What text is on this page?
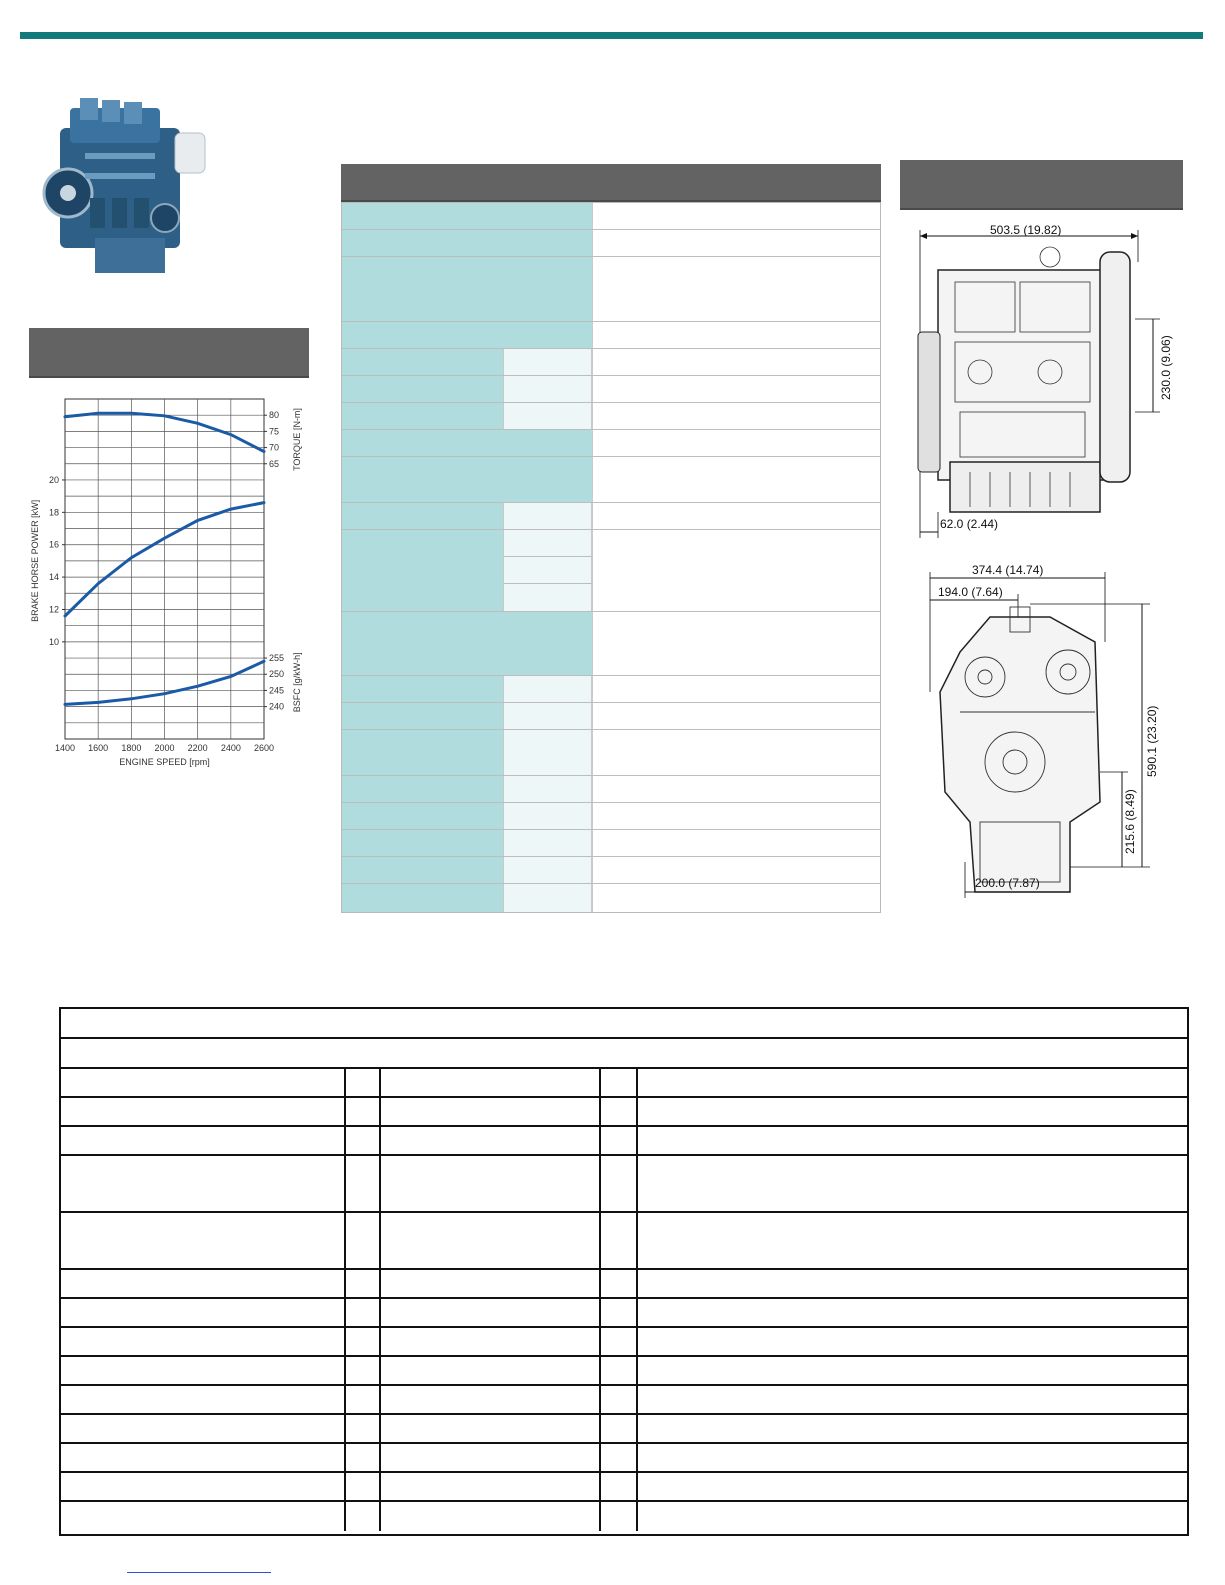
65
70
75
80 TORQUE [N-m]
10
12
14
16
18
20
BRAKE HORSE POWER [kW]
240
245
250
255 BSFC [g/kW-h]
1400 1600 1800 2000 2200 2400 2600
ENGINE SPEED [rpm]
503.5 (19.82)
230.0 (9.06)
62.0 (2.44)
374.4 (14.74)
194.0 (7.64)
590.1 (23.20)
215.6 (8.49)
200.0 (7.87)
